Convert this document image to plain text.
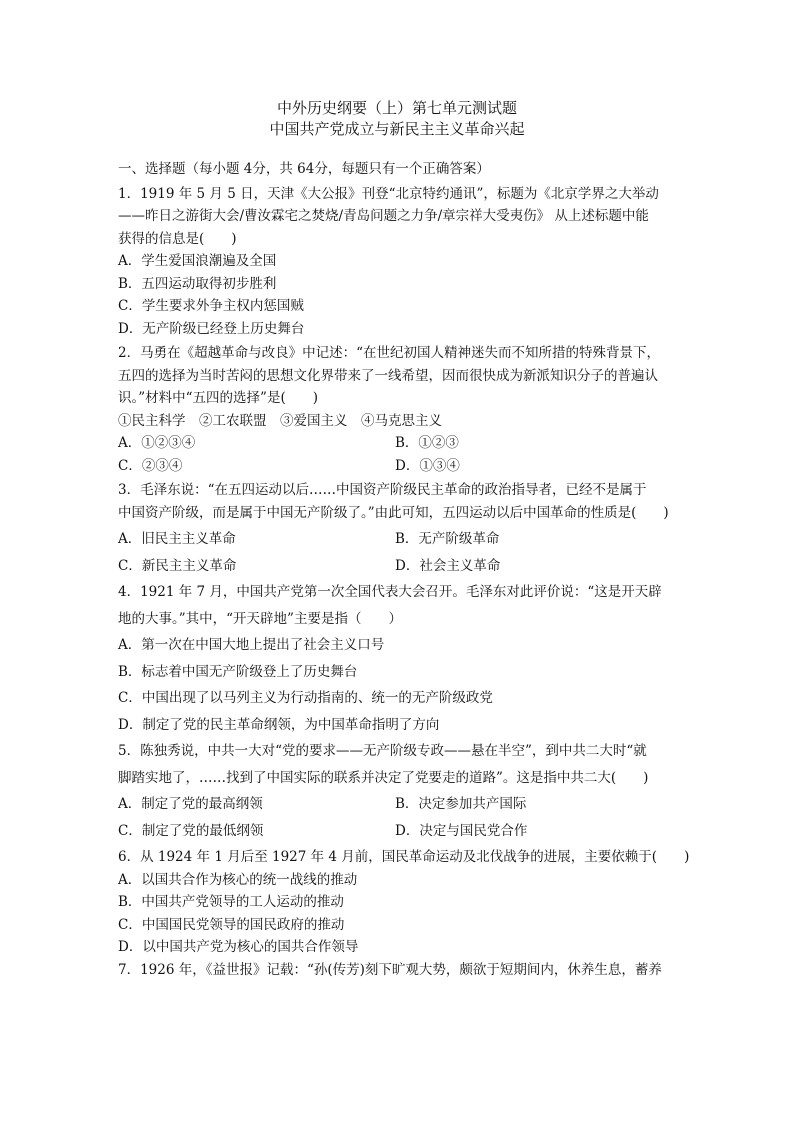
中外历史纲要（上）第七单元测试题
中国共产党成立与新民主主义革命兴起
一、选择题（每小题 4分，共 64分，每题只有一个正确答案）
1．1919 年 5 月 5 日，天津《大公报》刊登“北京特约通讯”，标题为《北京学界之大举动
——昨日之游街大会/曹汝霖宅之焚烧/青岛问题之力争/章宗祥大受夷伤》 从上述标题中能
获得的信息是(　　)
A．学生爱国浪潮遍及全国
B．五四运动取得初步胜利
C．学生要求外争主权内惩国贼
D．无产阶级已经登上历史舞台
2．马勇在《超越革命与改良》中记述：“在世纪初国人精神迷失而不知所措的特殊背景下，
五四的选择为当时苦闷的思想文化界带来了一线希望，因而很快成为新派知识分子的普遍认
识。”材料中“五四的选择”是(　　)
①民主科学　②工农联盟　③爱国主义　④马克思主义
A．①②③④	B．①②③
C．②③④	D．①③④
3．毛泽东说：“在五四运动以后……中国资产阶级民主革命的政治指导者，已经不是属于
中国资产阶级，而是属于中国无产阶级了。”由此可知，五四运动以后中国革命的性质是(　　)
A．旧民主主义革命	B．无产阶级革命
C．新民主主义革命	D．社会主义革命
4．1921 年 7 月，中国共产党第一次全国代表大会召开。毛泽东对此评价说：“这是开天辟
地的大事。”其中，“开天辟地”主要是指（　　）
A．第一次在中国大地上提出了社会主义口号
B．标志着中国无产阶级登上了历史舞台
C．中国出现了以马列主义为行动指南的、统一的无产阶级政党
D．制定了党的民主革命纲领，为中国革命指明了方向
5．陈独秀说，中共一大对“党的要求——无产阶级专政——悬在半空”，到中共二大时“就
脚踏实地了，……找到了中国实际的联系并决定了党要走的道路”。这是指中共二大(　　)
A．制定了党的最高纲领	B．决定参加共产国际
C．制定了党的最低纲领	D．决定与国民党合作
6．从 1924 年 1 月后至 1927 年 4 月前，国民革命运动及北伐战争的进展，主要依赖于(　　)
A．以国共合作为核心的统一战线的推动
B．中国共产党领导的工人运动的推动
C．中国国民党领导的国民政府的推动
D．以中国共产党为核心的国共合作领导
7．1926 年，《益世报》记载：“孙(传芳)刻下旷观大势，颇欲于短期间内，休养生息，蓄养
